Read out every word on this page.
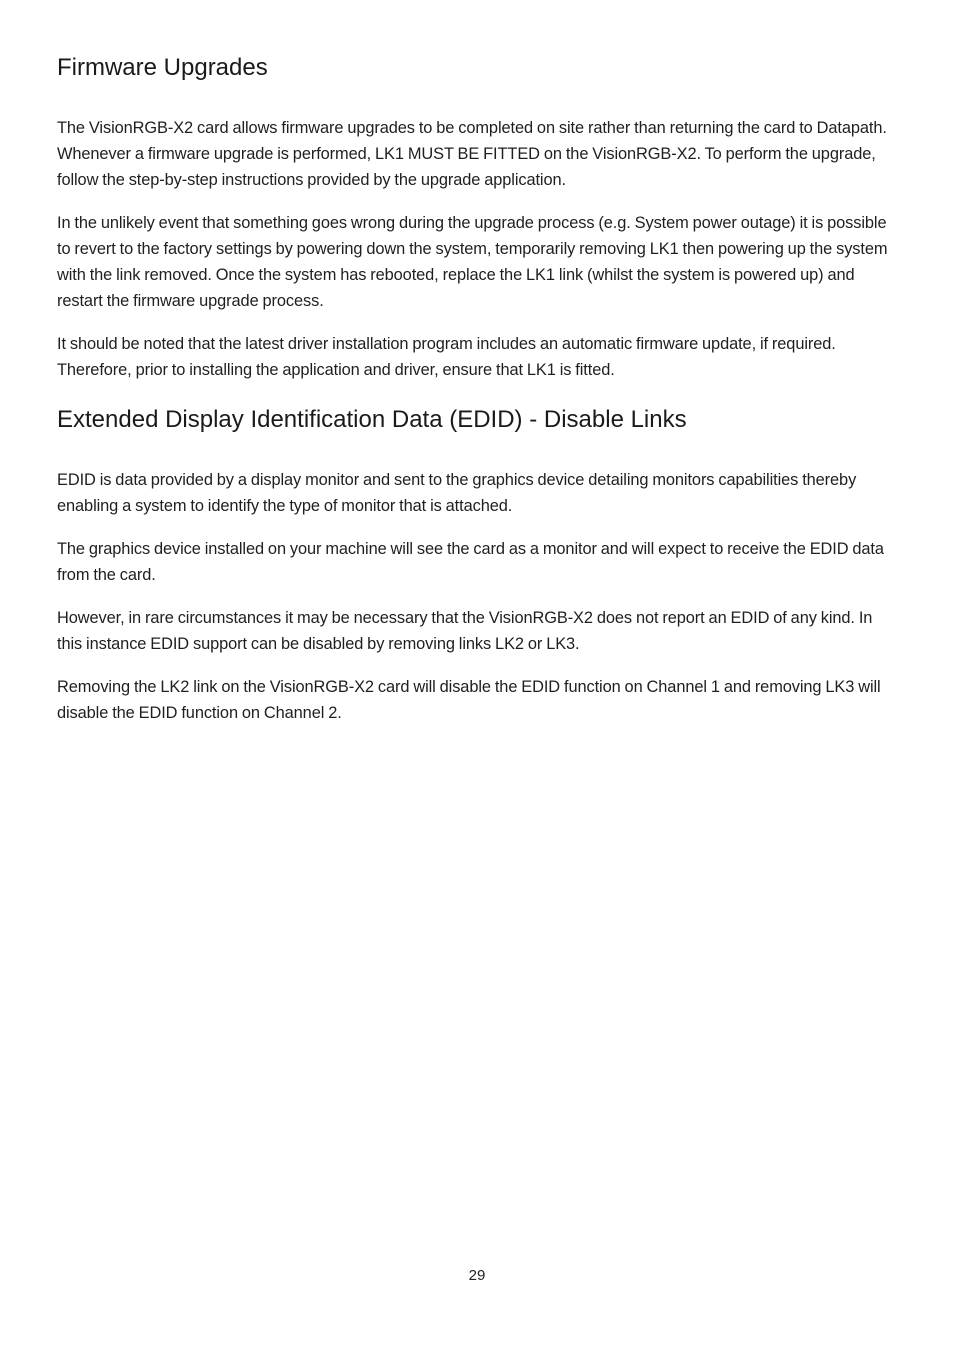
Firmware Upgrades

The VisionRGB-X2 card allows firmware upgrades to be completed on site rather than returning the card to Datapath. Whenever a firmware upgrade is performed, LK1 MUST BE FITTED on the VisionRGB-X2. To perform the upgrade, follow the step-by-step instructions provided by the upgrade application.

In the unlikely event that something goes wrong during the upgrade process (e.g. System power outage) it is possible to revert to the factory settings by powering down the system, temporarily removing LK1 then powering up the system with the link removed. Once the system has rebooted, replace the LK1 link (whilst the system is powered up) and restart the firmware upgrade process.

It should be noted that the latest driver installation program includes an automatic firmware update, if required. Therefore, prior to installing the application and driver, ensure that LK1 is fitted.

Extended Display Identification Data (EDID) - Disable Links

EDID is data provided by a display monitor and sent to the graphics device detailing monitors capabilities thereby enabling a system to identify the type of monitor that is attached.

The graphics device installed on your machine will see the card as a monitor and will expect to receive the EDID data from the card.

However, in rare circumstances it may be necessary that the VisionRGB-X2 does not report an EDID of any kind. In this instance EDID support can be disabled by removing links LK2 or LK3.

Removing the LK2 link on the VisionRGB-X2 card will disable the EDID function on Channel 1 and removing LK3 will disable the EDID function on Channel 2.

29
